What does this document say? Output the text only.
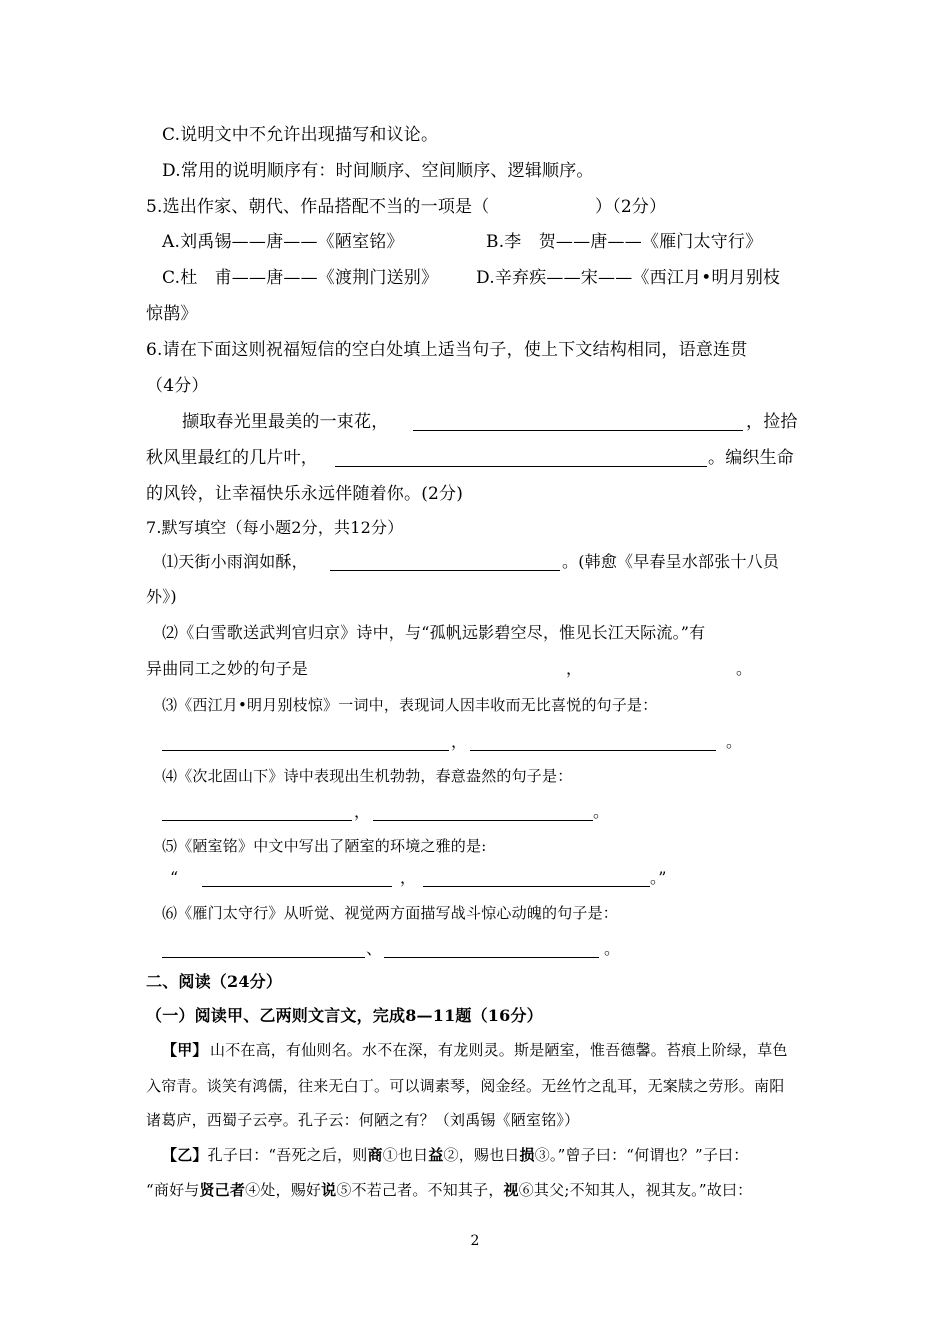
C.说明文中不允许出现描写和议论。
D.常用的说明顺序有：时间顺序、空间顺序、逻辑顺序。
5.选出作家、朝代、作品搭配不当的一项是（	）（2分）
A.刘禹锡——唐——《陋室铭》	B.李　贺——唐——《雁门太守行》
C.杜　甫——唐——《渡荆门送别》 D.辛弃疾——宋——《西江月•明月别枝
惊鹊》
6.请在下面这则祝福短信的空白处填上适当句子，使上下文结构相同，语意连贯
（4分）
撷取春光里最美的一束花，	，捡拾
秋风里最红的几片叶，	。编织生命
的风铃，让幸福快乐永远伴随着你。(2分)
7.默写填空（每小题2分，共12分）
⑴天街小雨润如酥，	。(韩愈《早春呈水部张十八员
外》)
⑵《白雪歌送武判官归京》诗中，与“孤帆远影碧空尽，惟见长江天际流。”有
异曲同工之妙的句子是	，	。
⑶《西江月•明月别枝惊》一词中，表现词人因丰收而无比喜悦的句子是：
，	。
⑷《次北固山下》诗中表现出生机勃勃，春意盎然的句子是：
，	。
⑸《陋室铭》中文中写出了陋室的环境之雅的是:
“	，	。”
⑹《雁门太守行》从听觉、视觉两方面描写战斗惊心动魄的句子是：
、	。
二、阅读（24分）
（一）阅读甲、乙两则文言文，完成8—11题（16分）
【甲】 山不在高，有仙则名。水不在深，有龙则灵。斯是陋室，惟吾德馨。苔痕上阶绿，草色
入帘青。谈笑有鸿儒，往来无白丁。可以调素琴，阅金经。无丝竹之乱耳，无案牍之劳形。南阳
诸葛庐，西蜀子云亭。孔子云：何陋之有？（刘禹锡《陋室铭》）
【乙】孔子曰：“吾死之后，则商①也日益②，赐也日损③。”曾子曰：“何谓也？”子曰：
“商好与贤己者④处，赐好说⑤不若己者。不知其子，视⑥其父;不知其人，视其友。”故曰：
2
